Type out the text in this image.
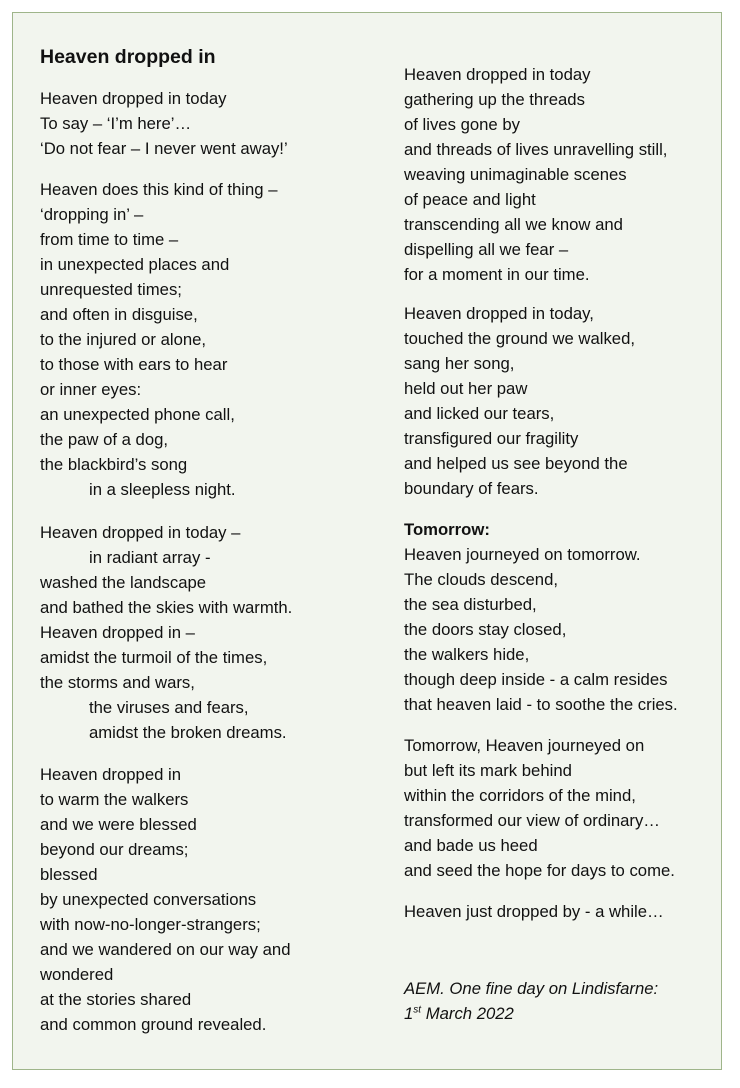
Heaven dropped in
Heaven dropped in today
To say – ‘I’m here’…
‘Do not fear – I never went away!’
Heaven does this kind of thing –
‘dropping in’ –
from time to time –
in unexpected places and
unrequested times;
and often in disguise,
to the injured or alone,
to those with ears to hear
or inner eyes:
an unexpected phone call,
the paw of a dog,
the blackbird’s song
in a sleepless night.
Heaven dropped in today –
in radiant array -
washed the landscape
and bathed the skies with warmth.
Heaven dropped in –
amidst the turmoil of the times,
the storms and wars,
the viruses and fears,
amidst the broken dreams.
Heaven dropped in
to warm the walkers
and we were blessed
beyond our dreams;
blessed
by unexpected conversations
with now-no-longer-strangers;
and we wandered on our way and
wondered
at the stories shared
and common ground revealed.
Heaven dropped in today
gathering up the threads
of lives gone by
and threads of lives unravelling still,
weaving unimaginable scenes
of peace and light
transcending all we know and
dispelling all we fear –
for a moment in our time.
Heaven dropped in today,
touched the ground we walked,
sang her song,
held out her paw
and licked our tears,
transfigured our fragility
and helped us see beyond the
boundary of fears.
Tomorrow:
Heaven journeyed on tomorrow.
The clouds descend,
the sea disturbed,
the doors stay closed,
the walkers hide,
though deep inside - a calm resides
that heaven laid - to soothe the cries.
Tomorrow, Heaven journeyed on
but left its mark behind
within the corridors of the mind,
transformed our view of ordinary…
and bade us heed
and seed the hope for days to come.
Heaven just dropped by - a while…
AEM. One fine day on Lindisfarne:
1st March 2022
